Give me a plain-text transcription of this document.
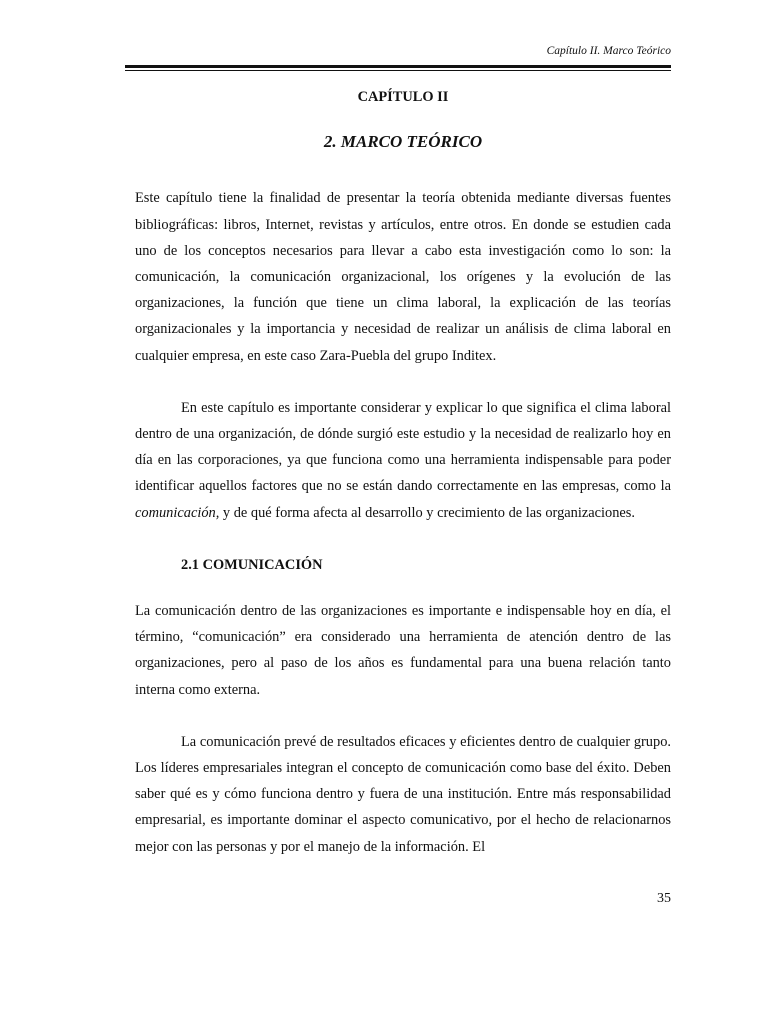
Capítulo II. Marco Teórico
CAPÍTULO II
2. MARCO TEÓRICO

Este capítulo tiene la finalidad de presentar la teoría obtenida mediante diversas fuentes bibliográficas: libros, Internet, revistas y artículos, entre otros. En donde se estudien cada uno de los conceptos necesarios para llevar a cabo esta investigación como lo son: la comunicación, la comunicación organizacional, los orígenes y la evolución de las organizaciones, la función que tiene un clima laboral, la explicación de las teorías organizacionales y la importancia y necesidad de realizar un análisis de clima laboral en cualquier empresa, en este caso Zara-Puebla del grupo Inditex.

En este capítulo es importante considerar y explicar lo que significa el clima laboral dentro de una organización, de dónde surgió este estudio y la necesidad de realizarlo hoy en día en las corporaciones, ya que funciona como una herramienta indispensable para poder identificar aquellos factores que no se están dando correctamente en las empresas, como la comunicación, y de qué forma afecta al desarrollo y crecimiento de las organizaciones.

2.1 COMUNICACIÓN

La comunicación dentro de las organizaciones es importante e indispensable hoy en día, el término, “comunicación” era considerado una herramienta de atención dentro de las organizaciones, pero al paso de los años es fundamental para una buena relación tanto interna como externa.

La comunicación prevé de resultados eficaces y eficientes dentro de cualquier grupo. Los líderes empresariales integran el concepto de comunicación como base del éxito. Deben saber qué es y cómo funciona dentro y fuera de una institución. Entre más responsabilidad empresarial, es importante dominar el aspecto comunicativo, por el hecho de relacionarnos mejor con las personas y por el manejo de la información. El

35
